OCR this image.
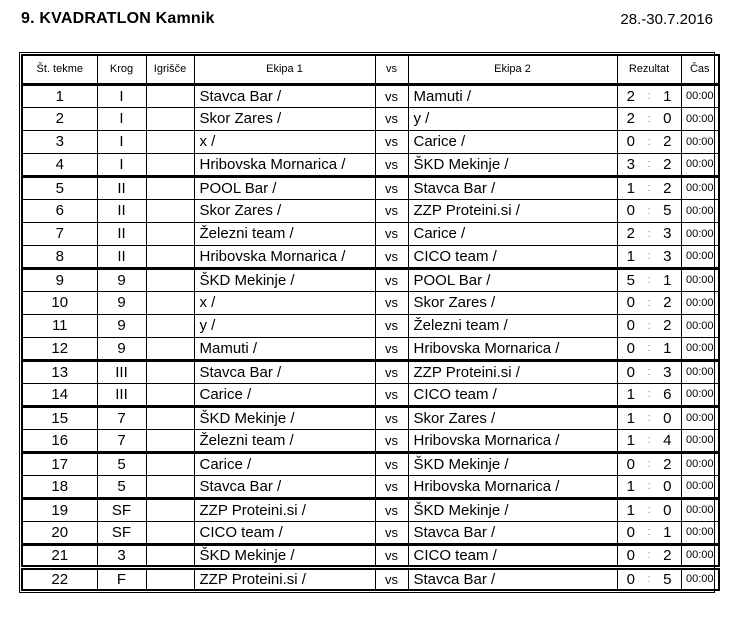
9. KVADRATLON Kamnik	28.-30.7.2016
Št. tekme	Krog	Igrišče	Ekipa 1	vs	Ekipa 2	Rezultat	Čas
1	I		Stavca Bar /	vs	Mamuti /	2 : 1	00:00
2	I		Skor Zares /	vs	y /	2 : 0	00:00
3	I		x /	vs	Carice /	0 : 2	00:00
4	I		Hribovska Mornarica /	vs	ŠKD Mekinje /	3 : 2	00:00
5	II		POOL Bar /	vs	Stavca Bar /	1 : 2	00:00
6	II		Skor Zares /	vs	ZZP Proteini.si /	0 : 5	00:00
7	II		Železni team /	vs	Carice /	2 : 3	00:00
8	II		Hribovska Mornarica /	vs	CICO team /	1 : 3	00:00
9	9		ŠKD Mekinje /	vs	POOL Bar /	5 : 1	00:00
10	9		x /	vs	Skor Zares /	0 : 2	00:00
11	9		y /	vs	Železni team /	0 : 2	00:00
12	9		Mamuti /	vs	Hribovska Mornarica /	0 : 1	00:00
13	III		Stavca Bar /	vs	ZZP Proteini.si /	0 : 3	00:00
14	III		Carice /	vs	CICO team /	1 : 6	00:00
15	7		ŠKD Mekinje /	vs	Skor Zares /	1 : 0	00:00
16	7		Železni team /	vs	Hribovska Mornarica /	1 : 4	00:00
17	5		Carice /	vs	ŠKD Mekinje /	0 : 2	00:00
18	5		Stavca Bar /	vs	Hribovska Mornarica /	1 : 0	00:00
19	SF		ZZP Proteini.si /	vs	ŠKD Mekinje /	1 : 0	00:00
20	SF		CICO team /	vs	Stavca Bar /	0 : 1	00:00
21	3		ŠKD Mekinje /	vs	CICO team /	0 : 2	00:00
22	F		ZZP Proteini.si /	vs	Stavca Bar /	0 : 5	00:00
